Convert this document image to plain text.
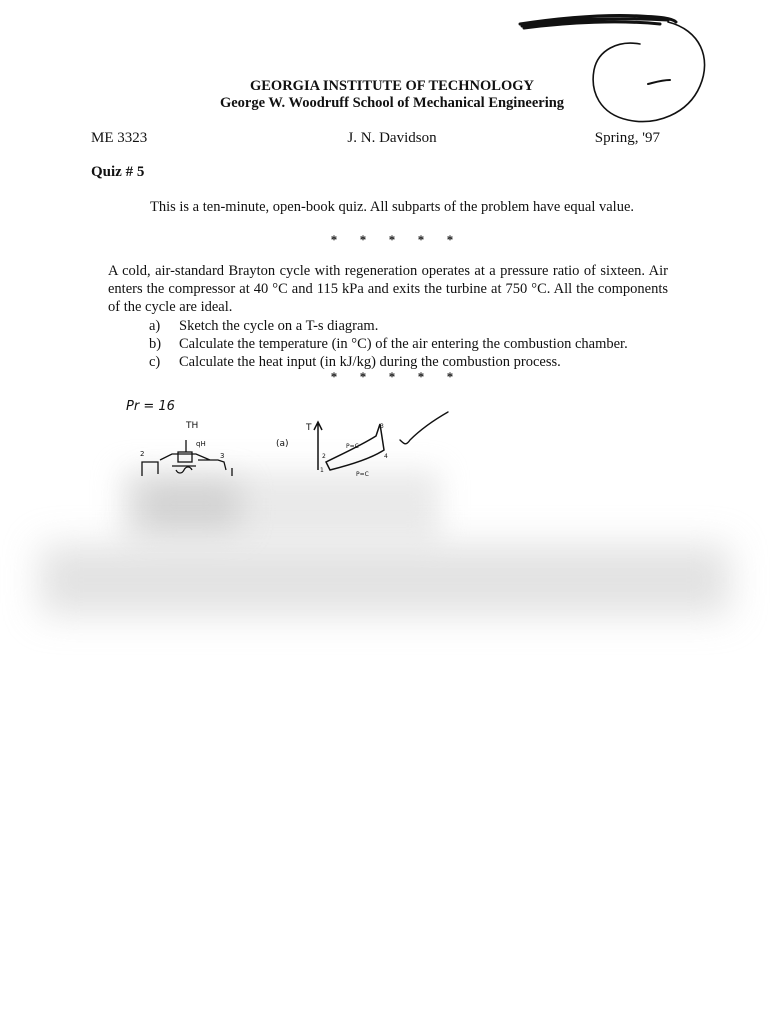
GEORGIA INSTITUTE OF TECHNOLOGY
George W. Woodruff School of Mechanical Engineering
ME 3323	J. N. Davidson	Spring, '97
Quiz # 5
This is a ten-minute, open-book quiz. All subparts of the problem have equal value.
* * * * *
A cold, air-standard Brayton cycle with regeneration operates at a pressure ratio of sixteen. Air enters the compressor at 40 °C and 115 kPa and exits the turbine at 750 °C. All the components of the cycle are ideal.
a)	Sketch the cycle on a T-s diagram.
b)	Calculate the temperature (in °C) of the air entering the combustion chamber.
c)	Calculate the heat input (in kJ/kg) during the combustion process.
* * * * *
Pr = 16
TH
qH
2	3
(a)
T
1
2
3
4
P=C
P=C
